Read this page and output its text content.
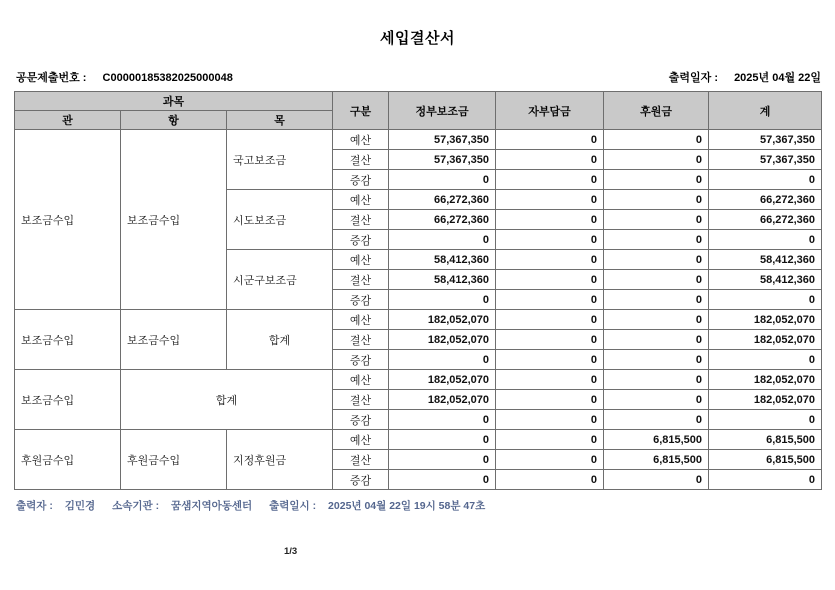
세입결산서
공문제출번호 : C00000185382025000048	출력일자 : 2025년 04월 22일
과목			구분	정부보조금	자부담금	후원금	계
관	항	목					
보조금수입	보조금수입	국고보조금	예산	57,367,350	0	0	57,367,350
			결산	57,367,350	0	0	57,367,350
			증감	0	0	0	0
		시도보조금	예산	66,272,360	0	0	66,272,360
			결산	66,272,360	0	0	66,272,360
			증감	0	0	0	0
		시군구보조금	예산	58,412,360	0	0	58,412,360
			결산	58,412,360	0	0	58,412,360
			증감	0	0	0	0
보조금수입	보조금수입	합계	예산	182,052,070	0	0	182,052,070
			결산	182,052,070	0	0	182,052,070
			증감	0	0	0	0
보조금수입	합계		예산	182,052,070	0	0	182,052,070
			결산	182,052,070	0	0	182,052,070
			증감	0	0	0	0
후원금수입	후원금수입	지정후원금	예산	0	0	6,815,500	6,815,500
			결산	0	0	6,815,500	6,815,500
			증감	0	0	0	0
출력자 : 김민경 소속기관 : 꿈샘지역아동센터 출력일시 : 2025년 04월 22일 19시 58분 47초
1/3
